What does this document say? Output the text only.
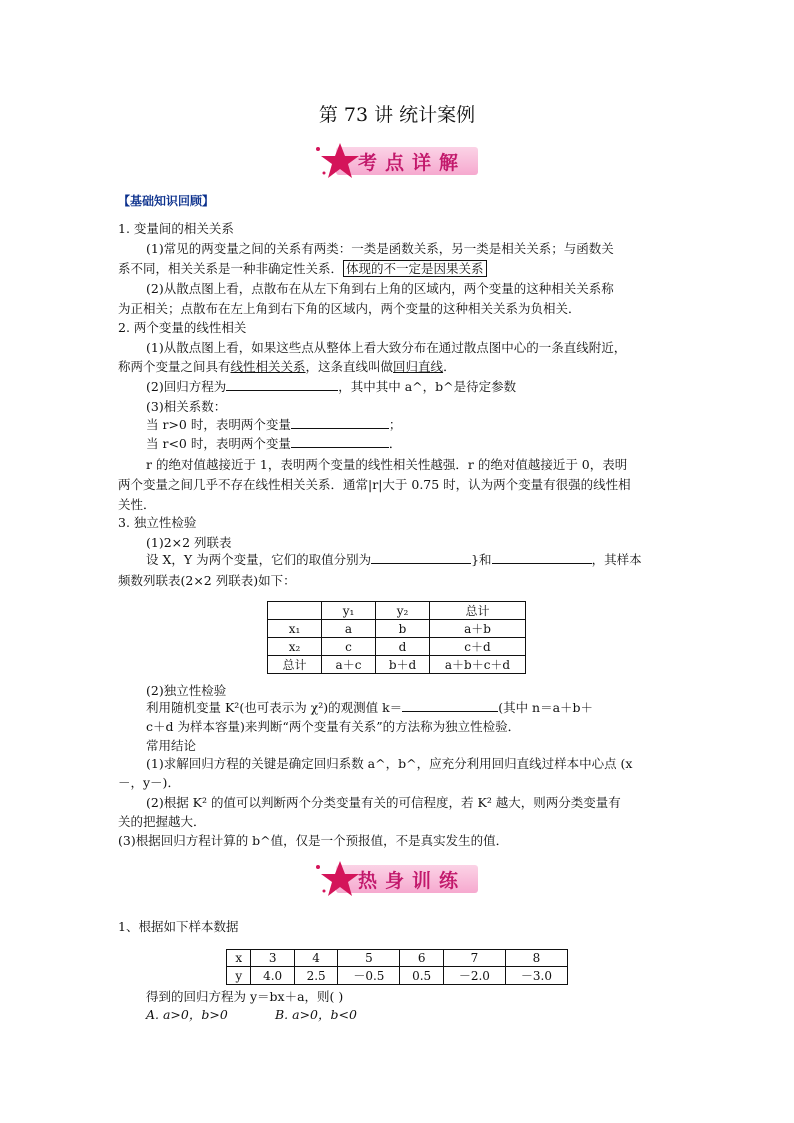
第 73 讲 统计案例
考点详解
【基础知识回顾】
1. 变量间的相关关系
(1)常见的两变量之间的关系有两类：一类是函数关系，另一类是相关关系；与函数关
系不同，相关关系是一种非确定性关系． 体现的不一定是因果关系
(2)从散点图上看，点散布在从左下角到右上角的区域内，两个变量的这种相关关系称
为正相关；点散布在左上角到右下角的区域内，两个变量的这种相关关系为负相关．
2. 两个变量的线性相关
(1)从散点图上看，如果这些点从整体上看大致分布在通过散点图中心的一条直线附近，
称两个变量之间具有线性相关关系，这条直线叫做回归直线．
(2)回归方程为	，其中其中 a^，b^是待定参数
(3)相关系数：
当 r>0 时，表明两个变量	；
当 r<0 时，表明两个变量	．
r 的绝对值越接近于 1，表明两个变量的线性相关性越强．r 的绝对值越接近于 0，表明
两个变量之间几乎不存在线性相关关系．通常|r|大于 0.75 时，认为两个变量有很强的线性相
关性．
3. 独立性检验
(1)2×2 列联表
设 X，Y 为两个变量，它们的取值分别为	}和	，其样本
频数列联表(2×2 列联表)如下：
	y₁	y₂	总计
x₁	a	b	a＋b
x₂	c	d	c＋d
总计	a＋c	b＋d	a＋b＋c＋d
(2)独立性检验
利用随机变量 K²(也可表示为 χ²)的观测值 k＝	(其中 n＝a＋b＋
c＋d 为样本容量)来判断“两个变量有关系”的方法称为独立性检验．
常用结论
(1)求解回归方程的关键是确定回归系数 a^，b^，应充分利用回归直线过样本中心点 (x
－，y－)．
(2)根据 K² 的值可以判断两个分类变量有关的可信程度，若 K² 越大，则两分类变量有
关的把握越大．
(3)根据回归方程计算的 b^值，仅是一个预报值，不是真实发生的值．
热身训练
1、根据如下样本数据
x	3	4	5	6	7	8
y	4.0	2.5	－0.5	0.5	－2.0	－3.0
得到的回归方程为 y＝bx＋a，则( )
A. a>0，b>0	B. a>0，b<0
